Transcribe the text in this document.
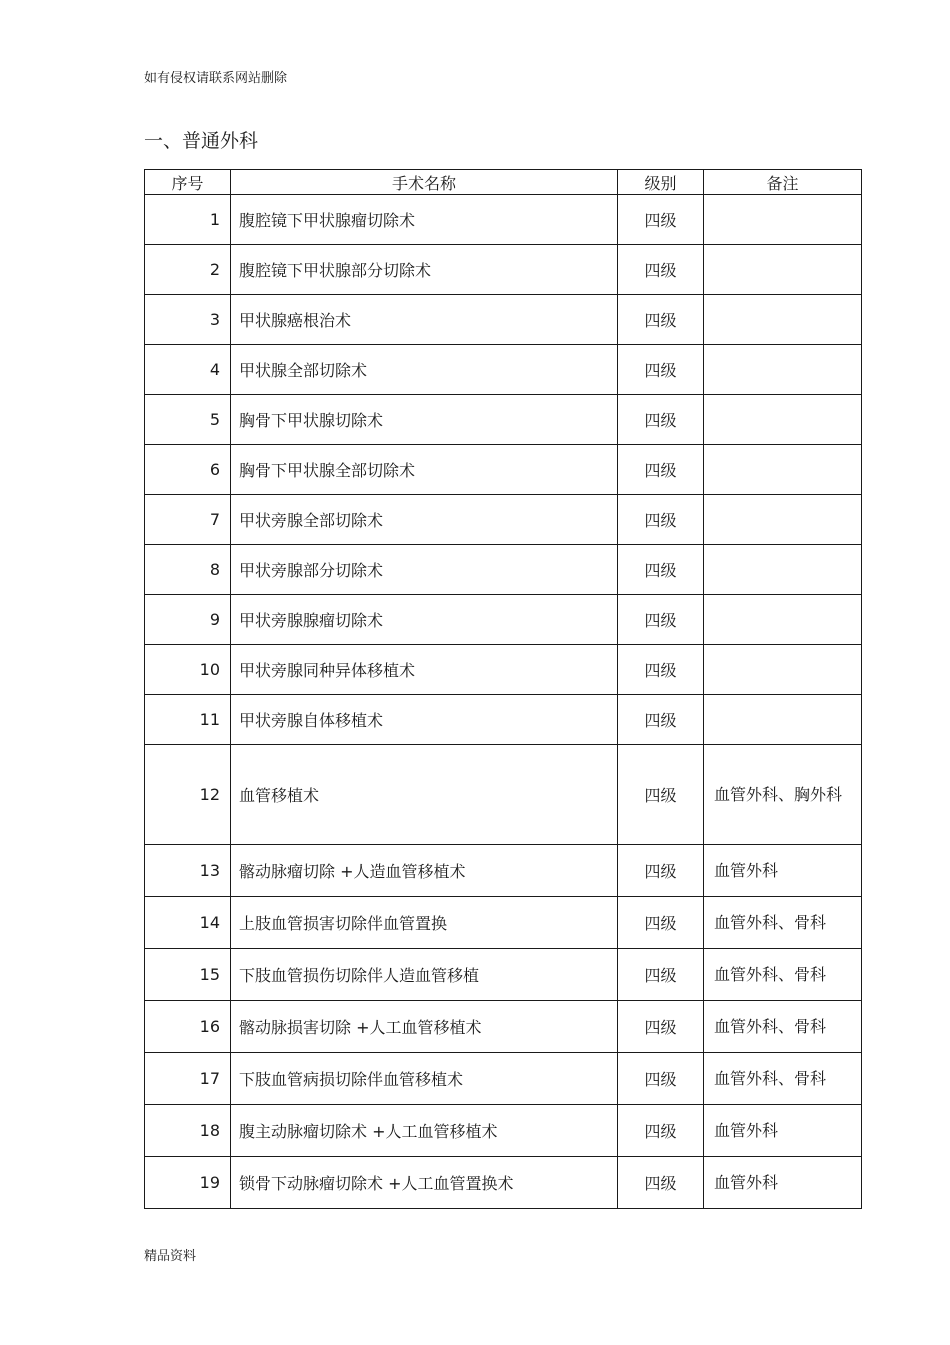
如有侵权请联系网站删除
一、普通外科
序号	手术名称	级别	备注
1	腹腔镜下甲状腺瘤切除术	四级	
2	腹腔镜下甲状腺部分切除术	四级	
3	甲状腺癌根治术	四级	
4	甲状腺全部切除术	四级	
5	胸骨下甲状腺切除术	四级	
6	胸骨下甲状腺全部切除术	四级	
7	甲状旁腺全部切除术	四级	
8	甲状旁腺部分切除术	四级	
9	甲状旁腺腺瘤切除术	四级	
10	甲状旁腺同种异体移植术	四级	
11	甲状旁腺自体移植术	四级	
12	血管移植术	四级	血管外科、胸外科
13	髂动脉瘤切除 +人造血管移植术	四级	血管外科
14	上肢血管损害切除伴血管置换	四级	血管外科、骨科
15	下肢血管损伤切除伴人造血管移植	四级	血管外科、骨科
16	髂动脉损害切除 +人工血管移植术	四级	血管外科、骨科
17	下肢血管病损切除伴血管移植术	四级	血管外科、骨科
18	腹主动脉瘤切除术 +人工血管移植术	四级	血管外科
19	锁骨下动脉瘤切除术 +人工血管置换术	四级	血管外科
精品资料
